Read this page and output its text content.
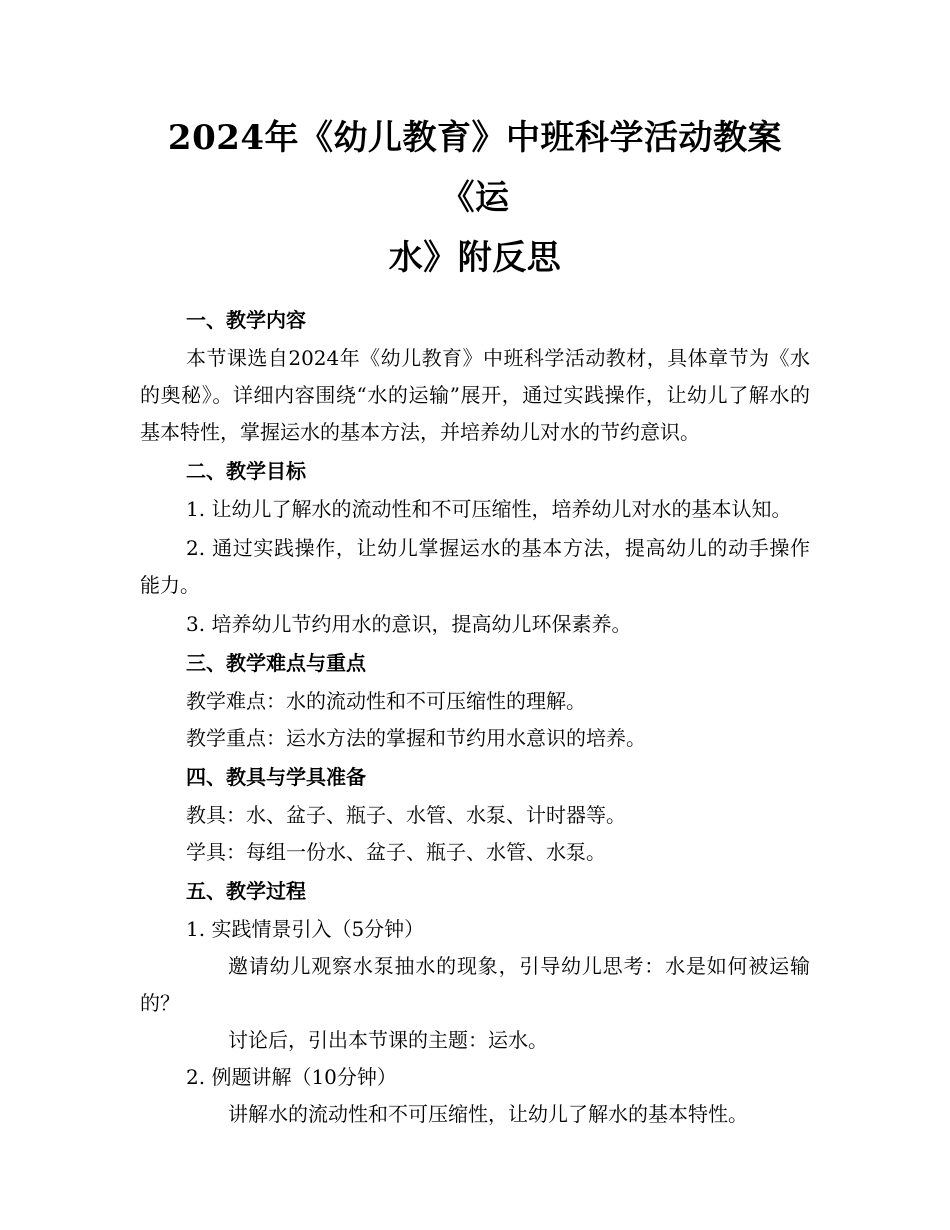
2024年《幼儿教育》中班科学活动教案《运
水》附反思
一、教学内容
本节课选自2024年《幼儿教育》中班科学活动教材，具体章节为《水的奥秘》。详细内容围绕“水的运输”展开，通过实践操作，让幼儿了解水的基本特性，掌握运水的基本方法，并培养幼儿对水的节约意识。
二、教学目标
1. 让幼儿了解水的流动性和不可压缩性，培养幼儿对水的基本认知。
2. 通过实践操作，让幼儿掌握运水的基本方法，提高幼儿的动手操作能力。
3. 培养幼儿节约用水的意识，提高幼儿环保素养。
三、教学难点与重点
教学难点：水的流动性和不可压缩性的理解。
教学重点：运水方法的掌握和节约用水意识的培养。
四、教具与学具准备
教具：水、盆子、瓶子、水管、水泵、计时器等。
学具：每组一份水、盆子、瓶子、水管、水泵。
五、教学过程
1. 实践情景引入（5分钟）
邀请幼儿观察水泵抽水的现象，引导幼儿思考：水是如何被运输的？
讨论后，引出本节课的主题：运水。
2. 例题讲解（10分钟）
讲解水的流动性和不可压缩性，让幼儿了解水的基本特性。
